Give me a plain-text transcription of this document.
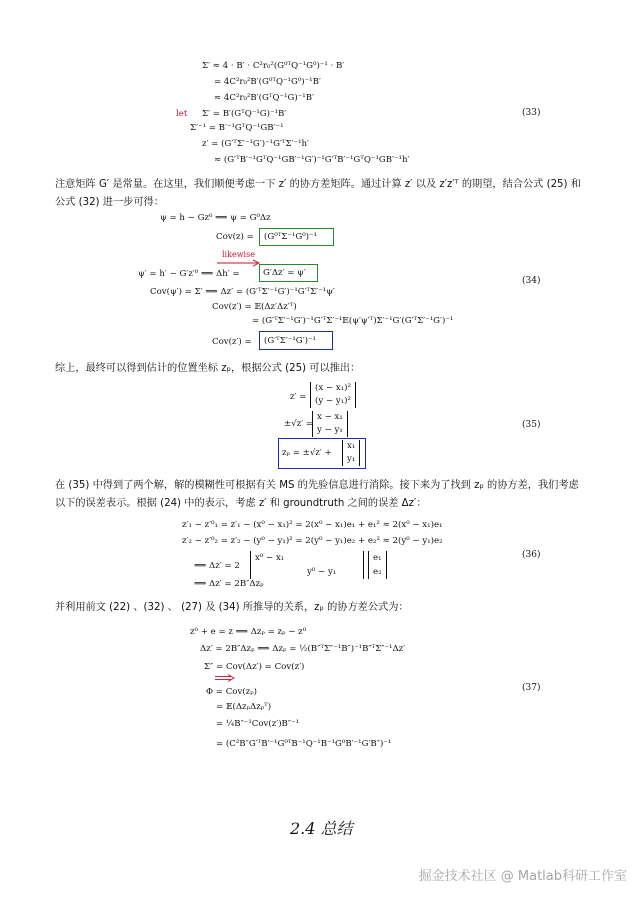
Σ′ ≈ 4 · B′ · C²r₀²(G⁰ᵀQ⁻¹G⁰)⁻¹ · B′
= 4C²r₀²B′(G⁰ᵀQ⁻¹G⁰)⁻¹B′
≈ 4C²r₀²B′(GᵀQ⁻¹G)⁻¹B′
let Σ′ = B′(GᵀQ⁻¹G)⁻¹B′
Σ′⁻¹ = B′⁻¹GᵀQ⁻¹GB′⁻¹
z′ = (G′ᵀΣ′⁻¹G′)⁻¹G′ᵀΣ′⁻¹h′
≈ (G′ᵀB′⁻¹GᵀQ⁻¹GB′⁻¹G′)⁻¹G′ᵀB′⁻¹GᵀQ⁻¹GB′⁻¹h′
(33)
注意矩阵 G′ 是常量。在这里，我们顺便考虑一下 z′ 的协方差矩阵。通过计算 z′ 以及 z′z′ᵀ 的期望，结合公式 (25) 和公式 (32) 进一步可得：
ψ = h − Gz⁰ ⟹ ψ = G⁰Δz
Cov(z) = (G⁰ᵀΣ⁻¹G⁰)⁻¹
likewise
ψ′ = h′ − G′z′⁰ ⟹ Δh′ =	G′Δz′ = ψ′
Cov(ψ′) = Σ′ ⟹ Δz′ = (G′ᵀΣ′⁻¹G′)⁻¹G′ᵀΣ′⁻¹ψ′
Cov(z′) = 𝔼(Δz′Δz′ᵀ)
= (G′ᵀΣ′⁻¹G′)⁻¹G′ᵀΣ′⁻¹𝔼(ψ′ψ′ᵀ)Σ′⁻¹G′(G′ᵀΣ′⁻¹G′)⁻¹
Cov(z′) = (G′ᵀΣ′⁻¹G′)⁻¹
(34)
综上，最终可以得到估计的位置坐标 zₚ，根据公式 (25) 可以推出：
z′ =
(x − x₁)²
(y − y₁)²
±√z′ =
x − x₁
y − y₁
zₚ = ±√z′ +
x₁
y₁
(35)
在 (35) 中得到了两个解，解的模糊性可根据有关 MS 的先验信息进行消除。接下来为了找到 zₚ 的协方差，我们考虑以下的误差表示。根据 (24) 中的表示，考虑 z′ 和 groundtruth 之间的误差 Δz′：
z′₁ − z′⁰₁ = z′₁ − (x⁰ − x₁)² = 2(x⁰ − x₁)e₁ + e₁² ≈ 2(x⁰ − x₁)e₁
z′₂ − z′⁰₂ = z′₂ − (y⁰ − y₁)² = 2(y⁰ − y₁)e₂ + e₂² ≈ 2(y⁰ − y₁)e₂
⟹ Δz′ = 2
x⁰ − x₁
y⁰ − y₁
e₁
e₂
⟹ Δz′ = 2B″Δzₚ
(36)
并利用前文 (22) 、(32) 、 (27) 及 (34) 所推导的关系，zₚ 的协方差公式为：
z⁰ + e = z ⟹ Δzₚ = zₚ − z⁰
Δz′ = 2B″Δzₚ ⟹ Δzₚ = ½(B″ᵀΣ″⁻¹B″)⁻¹B″ᵀΣ″⁻¹Δz′
Σ″ = Cov(Δz′) = Cov(z′)
Φ = Cov(zₚ)
= 𝔼(ΔzₚΔzₚᵀ)
= ¼B″⁻¹Cov(z′)B″⁻¹
= (C²B″G′ᵀB′⁻¹G⁰ᵀB⁻¹Q⁻¹B⁻¹G⁰B′⁻¹G′B″)⁻¹
(37)
2.4 总结
掘金技术社区 @ Matlab科研工作室
